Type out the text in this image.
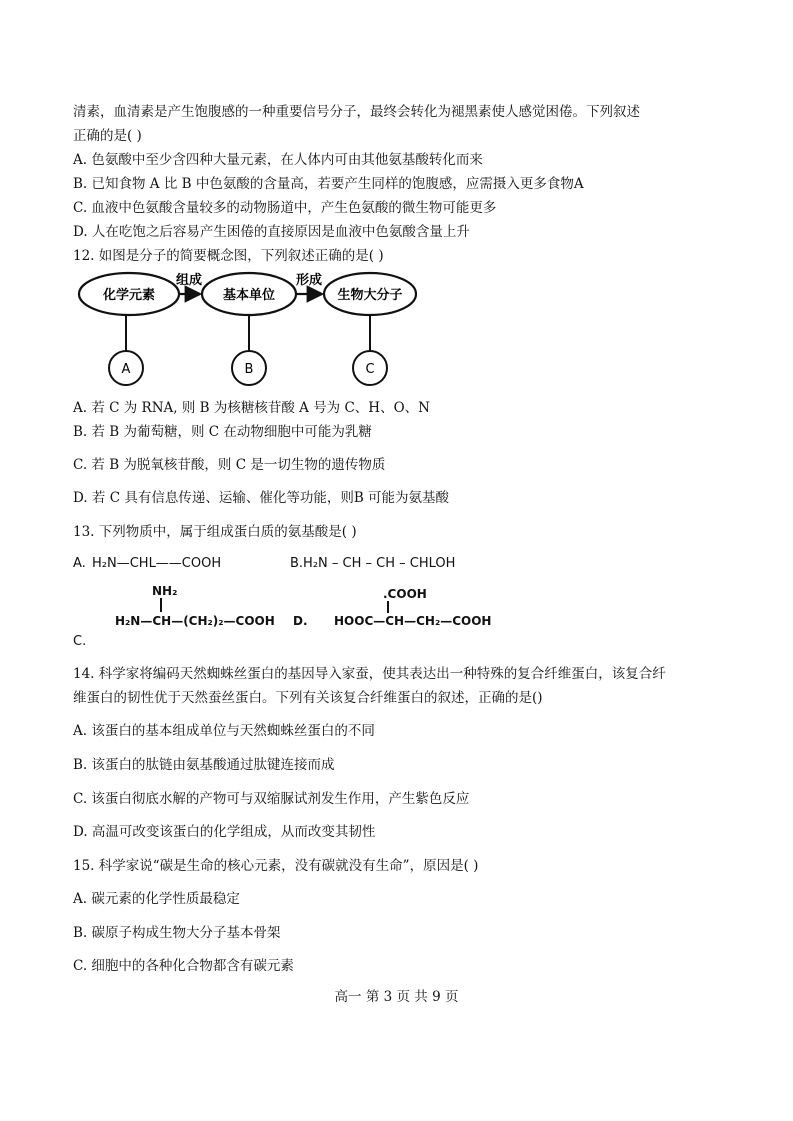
清素，血清素是产生饱腹感的一种重要信号分子，最终会转化为褪黑素使人感觉困倦。下列叙述
正确的是( )
A. 色氨酸中至少含四种大量元素，在人体内可由其他氨基酸转化而来
B. 已知食物 A 比 B 中色氨酸的含量高，若要产生同样的饱腹感，应需摄入更多食物A
C. 血液中色氨酸含量较多的动物肠道中，产生色氨酸的微生物可能更多
D. 人在吃饱之后容易产生困倦的直接原因是血液中色氨酸含量上升
12. 如图是分子的简要概念图，下列叙述正确的是( )
化学元素	基本单位	生物大分子
组成	形成
A	B	C
A. 若 C 为 RNA, 则 B 为核糖核苷酸 A 号为 C、H、O、N
B. 若 B 为葡萄糖，则 C 在动物细胞中可能为乳糖
C. 若 B 为脱氧核苷酸，则 C 是一切生物的遗传物质
D. 若 C 具有信息传递、运输、催化等功能，则B 可能为氨基酸
13. 下列物质中，属于组成蛋白质的氨基酸是( )
A. H₂N—CHL——COOH	B.H₂N – CH – CH – CHLOH
NH₂
H₂N—CH—(CH₂)₂—COOH
C.
D.
.COOH
HOOC—CH—CH₂—COOH
14. 科学家将编码天然蜘蛛丝蛋白的基因导入家蚕，使其表达出一种特殊的复合纤维蛋白，该复合纤
维蛋白的韧性优于天然蚕丝蛋白。下列有关该复合纤维蛋白的叙述，正确的是()
A. 该蛋白的基本组成单位与天然蜘蛛丝蛋白的不同
B. 该蛋白的肽链由氨基酸通过肽键连接而成
C. 该蛋白彻底水解的产物可与双缩脲试剂发生作用，产生紫色反应
D. 高温可改变该蛋白的化学组成，从而改变其韧性
15. 科学家说“碳是生命的核心元素，没有碳就没有生命”，原因是( )
A. 碳元素的化学性质最稳定
B. 碳原子构成生物大分子基本骨架
C. 细胞中的各种化合物都含有碳元素
高一 第 3 页 共 9 页
